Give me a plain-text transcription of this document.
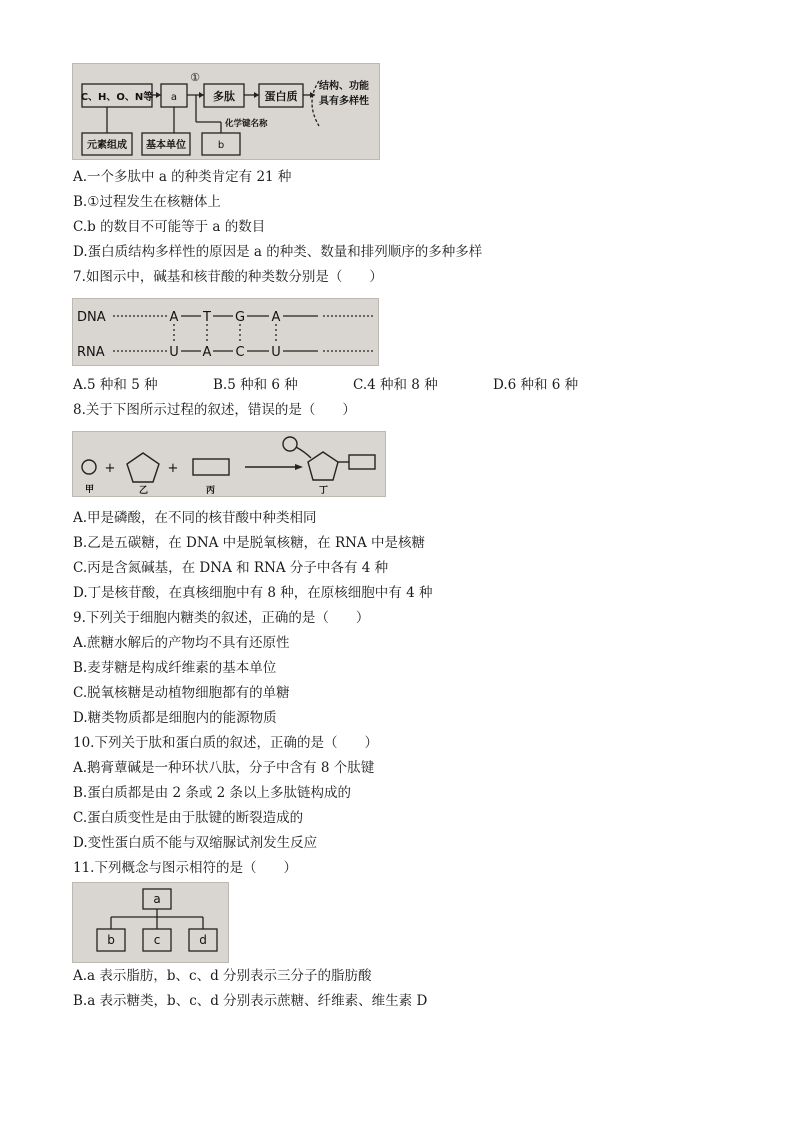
C、H、O、N等 a	多肽	蛋白质
①
结构、功能
具有多样性
化学键名称
元素组成 基本单位	b
A.一个多肽中 a 的种类肯定有 21 种
B.①过程发生在核糖体上
C.b 的数目不可能等于 a 的数目
D.蛋白质结构多样性的原因是 a 的种类、数量和排列顺序的多种多样
7.如图示中，碱基和核苷酸的种类数分别是（　　）
DNA
RNA
A T G A
U A C U
A.5 种和 5 种	B.5 种和 6 种	C.4 种和 8 种	D.6 种和 6 种
8.关于下图所示过程的叙述，错误的是（　　）
+	+
甲	乙	丙	丁
A.甲是磷酸，在不同的核苷酸中种类相同
B.乙是五碳糖，在 DNA 中是脱氧核糖，在 RNA 中是核糖
C.丙是含氮碱基，在 DNA 和 RNA 分子中各有 4 种
D.丁是核苷酸，在真核细胞中有 8 种，在原核细胞中有 4 种
9.下列关于细胞内糖类的叙述，正确的是（　　）
A.蔗糖水解后的产物均不具有还原性
B.麦芽糖是构成纤维素的基本单位
C.脱氧核糖是动植物细胞都有的单糖
D.糖类物质都是细胞内的能源物质
10.下列关于肽和蛋白质的叙述，正确的是（　　）
A.鹅膏蕈碱是一种环状八肽，分子中含有 8 个肽键
B.蛋白质都是由 2 条或 2 条以上多肽链构成的
C.蛋白质变性是由于肽键的断裂造成的
D.变性蛋白质不能与双缩脲试剂发生反应
11.下列概念与图示相符的是（　　）
a
b	c	d
A.a 表示脂肪，b、c、d 分别表示三分子的脂肪酸
B.a 表示糖类，b、c、d 分别表示蔗糖、纤维素、维生素 D
